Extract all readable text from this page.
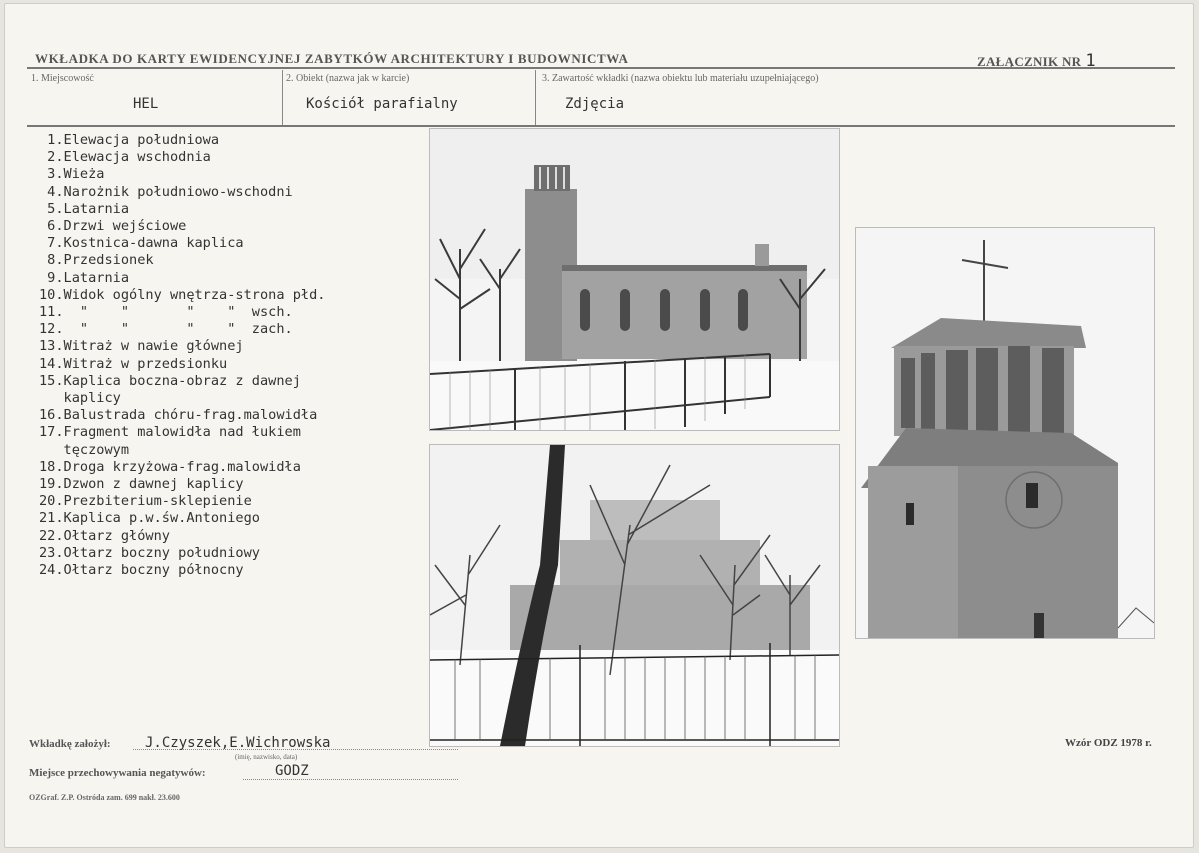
WKŁADKA DO KARTY EWIDENCYJNEJ ZABYTKÓW ARCHITEKTURY I BUDOWNICTWA	ZAŁĄCZNIK NR 1
1. Miejscowość
HEL
2. Obiekt (nazwa jak w karcie)
Kościół parafialny
3. Zawartość wkładki (nazwa obiektu lub materiału uzupełniającego)
Zdjęcia
1.Elewacja południowa
2.Elewacja wschodnia
3.Wieża
4.Narożnik południowo-wschodni
5.Latarnia
6.Drzwi wejściowe
7.Kostnica-dawna kaplica
8.Przedsionek
9.Latarnia
10.Widok ogólny wnętrza-strona płd.
11.  "    "       "    "  wsch.
12.  "    "       "    "  zach.
13.Witraż w nawie głównej
14.Witraż w przedsionku
15.Kaplica boczna-obraz z dawnej
kaplicy
16.Balustrada chóru-frag.malowidła
17.Fragment malowidła nad łukiem
tęczowym
18.Droga krzyżowa-frag.malowidła
19.Dzwon z dawnej kaplicy
20.Prezbiterium-sklepienie
21.Kaplica p.w.św.Antoniego
22.Ołtarz główny
23.Ołtarz boczny południowy
24.Ołtarz boczny północny
Wkładkę założył: J.Czyszek,E.Wichrowska
(imię, nazwisko, data)
Miejsce przechowywania negatywów:	GODZ
OZGraf. Z.P. Ostróda zam. 699 nakł. 23.600
Wzór ODZ 1978 r.
